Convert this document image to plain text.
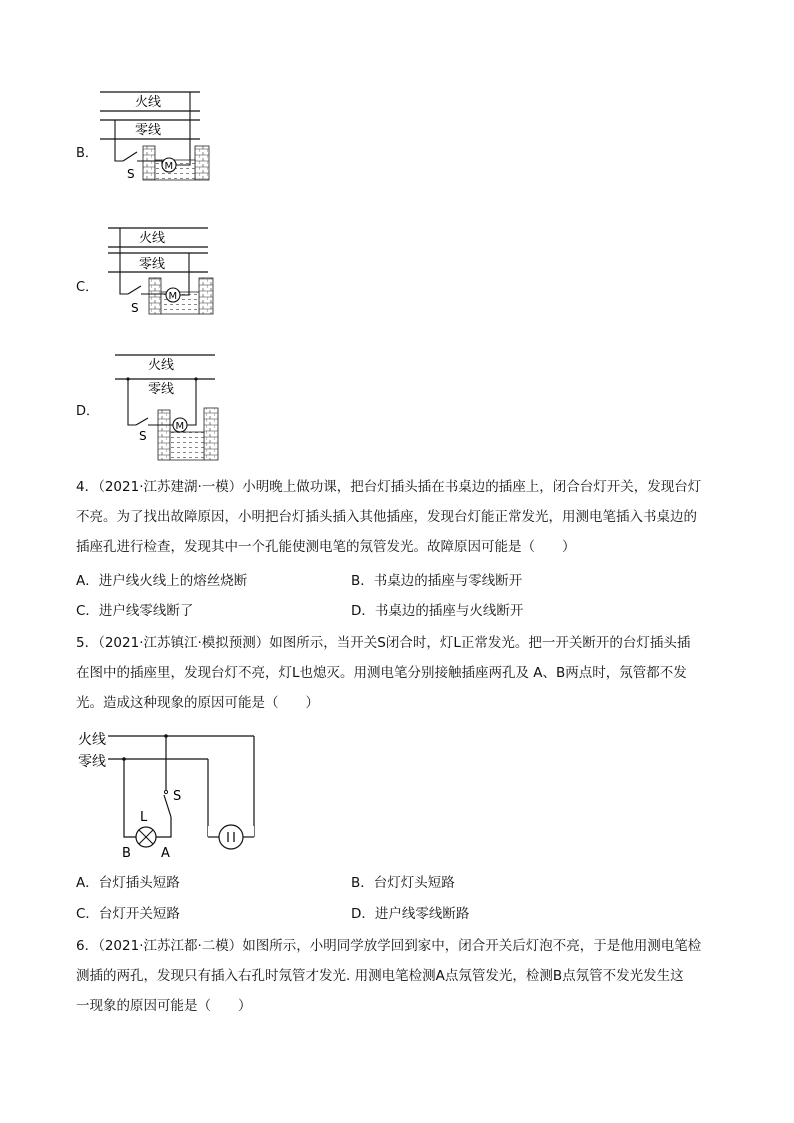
B．
火线
零线
M
S
C．
火线
零线
M
S
D．
火线
零线
M
S
4．（2021·江苏建湖·一模）小明晚上做功课，把台灯插头插在书桌边的插座上，闭合台灯开关，发现台灯
不亮。为了找出故障原因，小明把台灯插头插入其他插座，发现台灯能正常发光，用测电笔插入书桌边的
插座孔进行检查，发现其中一个孔能使测电笔的氖管发光。故障原因可能是（　　）
A．进户线火线上的熔丝烧断	B．书桌边的插座与零线断开
C．进户线零线断了	D．书桌边的插座与火线断开
5．（2021·江苏镇江·模拟预测）如图所示，当开关S闭合时，灯L正常发光。把一开关断开的台灯插头插
在图中的插座里，发现台灯不亮，灯L也熄灭。用测电笔分别接触插座两孔及 A、B两点时，氖管都不发
光。造成这种现象的原因可能是（　　）
火线
零线
L
B A
S
A．台灯插头短路	B．台灯灯头短路
C．台灯开关短路	D．进户线零线断路
6．（2021·江苏江都·二模）如图所示，小明同学放学回到家中，闭合开关后灯泡不亮，于是他用测电笔检
测插的两孔，发现只有插入右孔时氖管才发光. 用测电笔检测A点氖管发光，检测B点氖管不发光发生这
一现象的原因可能是（　　）
